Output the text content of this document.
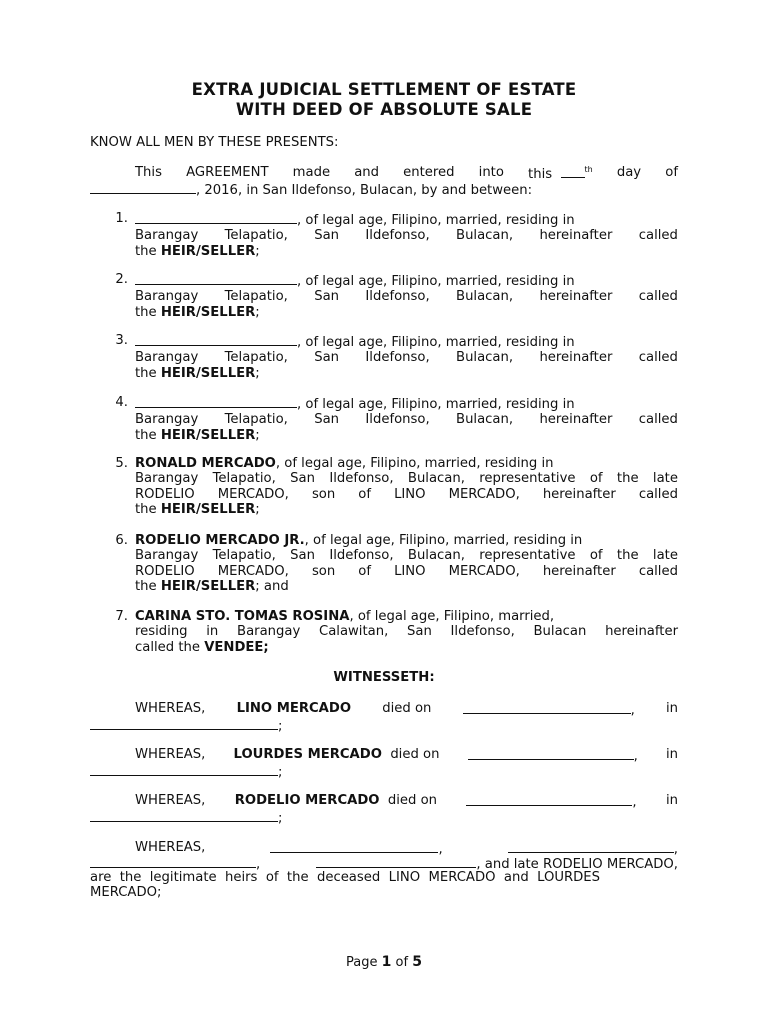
EXTRA JUDICIAL SETTLEMENT OF ESTATE
WITH DEED OF ABSOLUTE SALE
KNOW ALL MEN BY THESE PRESENTS:
This AGREEMENT made and entered into this	$^{th}$ day of
, 2016, in San Ildefonso, Bulacan, by and between:
1.	, of legal age, Filipino, married, residing in
Barangay Telapatio, San Ildefonso, Bulacan, hereinafter called
the
HEIR/SELLER ;
2.	, of legal age, Filipino, married, residing in
Barangay Telapatio, San Ildefonso, Bulacan, hereinafter called
the
HEIR/SELLER ;
3.	, of legal age, Filipino, married, residing in
Barangay Telapatio, San Ildefonso, Bulacan, hereinafter called
the
HEIR/SELLER ;
4.	, of legal age, Filipino, married, residing in
Barangay Telapatio, San Ildefonso, Bulacan, hereinafter called
the
HEIR/SELLER ;
5. RONALD MERCADO, of legal age, Filipino, married, residing in
Barangay Telapatio, San Ildefonso, Bulacan, representative of the late
RODELIO MERCADO, son of LINO MERCADO, hereinafter called
the
HEIR/SELLER ;
6. RODELIO MERCADO JR., of legal age, Filipino, married, residing in
Barangay Telapatio, San Ildefonso, Bulacan, representative of the late
RODELIO MERCADO, son of LINO MERCADO, hereinafter called
the
HEIR/SELLER ; and
7. CARINA STO. TOMAS ROSINA, of legal age, Filipino, married,
residing in Barangay Calawitan, San Ildefonso, Bulacan hereinafter
called the
VENDEE;
WITNESSETH:
WHEREAS, LINO MERCADO died on	, in
;
WHEREAS, LOURDES MERCADO died on	, in
;
WHEREAS, RODELIO MERCADO died on	, in
;
WHEREAS,	,	,
,	, and late RODELIO MERCADO,
are the legitimate heirs of the deceased LINO MERCADO and LOURDES
MERCADO;
Page 1 of 5
